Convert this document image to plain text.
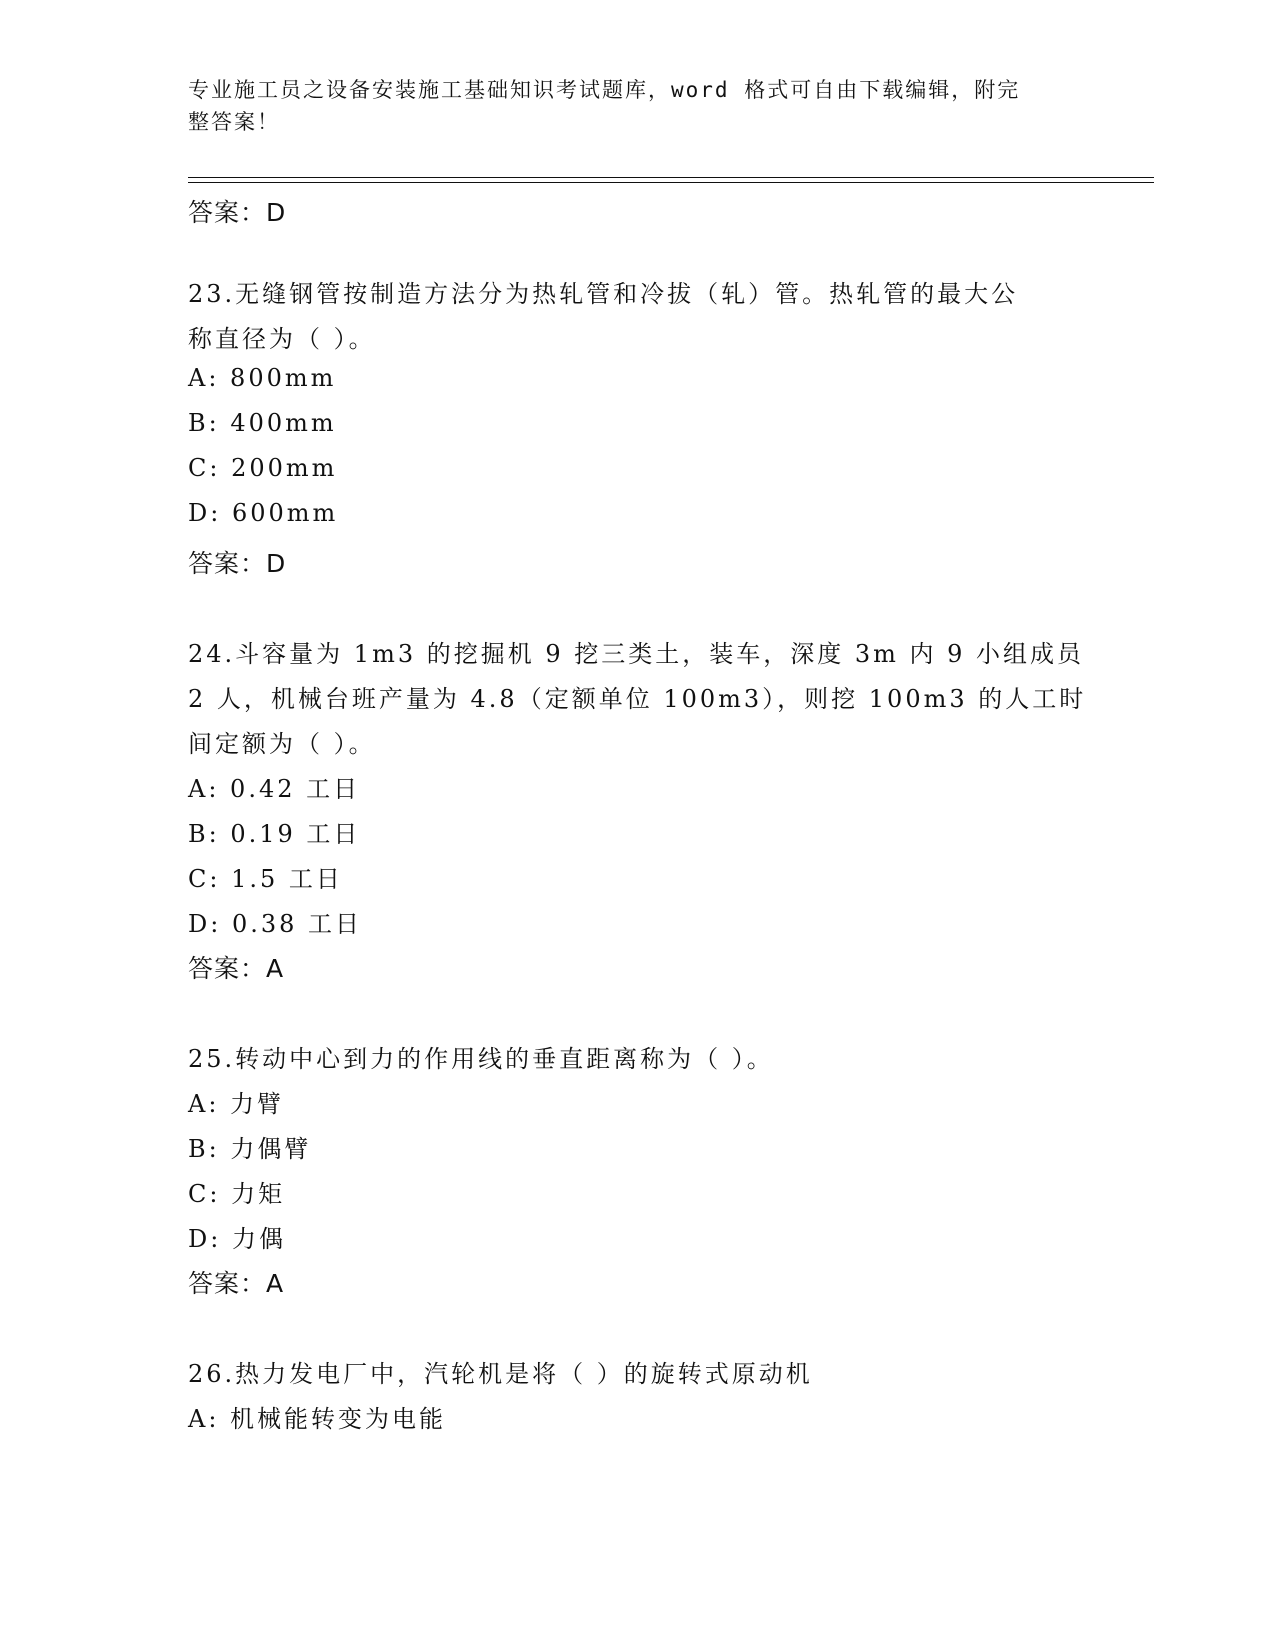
专业施工员之设备安装施工基础知识考试题库，word 格式可自由下载编辑，附完
整答案！
答案：D
23.无缝钢管按制造方法分为热轧管和冷拔（轧）管。热轧管的最大公
称直径为（ ）。
A: 800mm
B: 400mm
C: 200mm
D: 600mm
答案：D
24.斗容量为 1m3 的挖掘机 9 挖三类土，装车，深度 3m 内 9 小组成员
2 人，机械台班产量为 4.8（定额单位 100m3），则挖 100m3 的人工时
间定额为（ ）。
A: 0.42 工日
B: 0.19 工日
C: 1.5 工日
D: 0.38 工日
答案：A
25.转动中心到力的作用线的垂直距离称为（ ）。
A: 力臂
B: 力偶臂
C: 力矩
D: 力偶
答案：A
26.热力发电厂中，汽轮机是将（ ）的旋转式原动机
A: 机械能转变为电能
